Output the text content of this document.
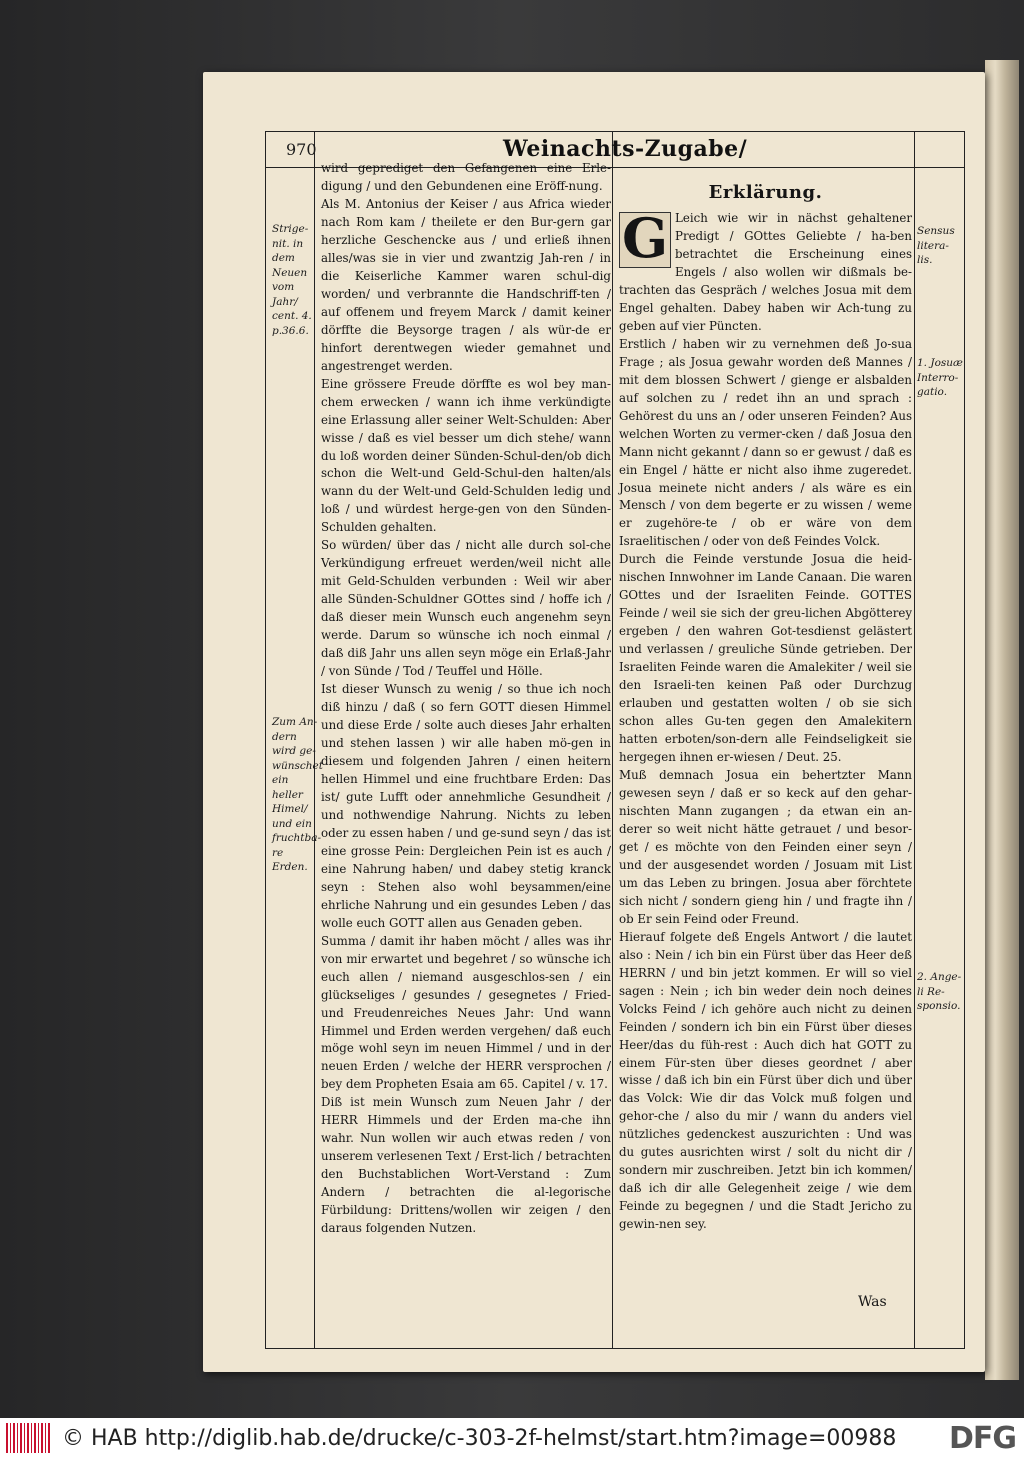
970	Weinachts-Zugabe/
Strige-nit. in dem Neuen vom Jahr/ cent. 4. p.36.6.
Zum An-dern wird ge-wünschet ein heller Himel/ und ein fruchtba-re Erden.
Sensus litera-lis.
1. Josuæ Interro-gatio.
2. Ange-li Re-sponsio.

wird geprediget den Gefangenen eine Erle-digung / und den Gebundenen eine Eröff-nung.

Als M. Antonius der Keiser / aus Africa wieder nach Rom kam / theilete er den Bur-gern gar herzliche Geschencke aus / und erließ ihnen alles/was sie in vier und zwantzig Jah-ren / in die Keiserliche Kammer waren schul-dig worden/ und verbrannte die Handschriff-ten / auf offenem und freyem Marck / damit keiner dörffte die Beysorge tragen / als wür-de er hinfort derentwegen wieder gemahnet und angestrenget werden.

Eine grössere Freude dörffte es wol bey man-chem erwecken / wann ich ihme verkündigte eine Erlassung aller seiner Welt-Schulden: Aber wisse / daß es viel besser um dich stehe/ wann du loß worden deiner Sünden-Schul-den/ob dich schon die Welt-und Geld-Schul-den halten/als wann du der Welt-und Geld-Schulden ledig und loß / und würdest herge-gen von den Sünden-Schulden gehalten.

So würden/ über das / nicht alle durch sol-che Verkündigung erfreuet werden/weil nicht alle mit Geld-Schulden verbunden : Weil wir aber alle Sünden-Schuldner GOttes sind / hoffe ich / daß dieser mein Wunsch euch angenehm seyn werde. Darum so wünsche ich noch einmal / daß diß Jahr uns allen seyn möge ein Erlaß-Jahr / von Sünde / Tod / Teuffel und Hölle.

Ist dieser Wunsch zu wenig / so thue ich noch diß hinzu / daß ( so fern GOTT diesen Himmel und diese Erde / solte auch dieses Jahr erhalten und stehen lassen ) wir alle haben mö-gen in diesem und folgenden Jahren / einen heitern hellen Himmel und eine fruchtbare Erden: Das ist/ gute Lufft oder annehmliche Gesundheit / und nothwendige Nahrung. Nichts zu leben oder zu essen haben / und ge-sund seyn / das ist eine grosse Pein: Dergleichen Pein ist es auch / eine Nahrung haben/ und dabey stetig kranck seyn : Stehen also wohl beysammen/eine ehrliche Nahrung und ein gesundes Leben / das wolle euch GOTT allen aus Genaden geben.

Summa / damit ihr haben möcht / alles was ihr von mir erwartet und begehret / so wünsche ich euch allen / niemand ausgeschlos-sen / ein glückseliges / gesundes / gesegnetes / Fried-und Freudenreiches Neues Jahr: Und wann Himmel und Erden werden vergehen/ daß euch möge wohl seyn im neuen Himmel / und in der neuen Erden / welche der HERR versprochen / bey dem Propheten Esaia am 65. Capitel / v. 17.

Diß ist mein Wunsch zum Neuen Jahr / der HERR Himmels und der Erden ma-che ihn wahr. Nun wollen wir auch etwas reden / von unserem verlesenen Text / Erst-lich / betrachten den Buchstablichen Wort-Verstand : Zum Andern / betrachten die al-legorische Fürbildung: Drittens/wollen wir zeigen / den daraus folgenden Nutzen.

Erklärung.
G Leich wie wir in nächst gehaltener Predigt / GOttes Geliebte / ha-ben betrachtet die Erscheinung eines Engels / also wollen wir dißmals be-trachten das Gespräch / welches Josua mit dem Engel gehalten. Dabey haben wir Ach-tung zu geben auf vier Püncten.

Erstlich / haben wir zu vernehmen deß Jo-sua Frage ; als Josua gewahr worden deß Mannes / mit dem blossen Schwert / gienge er alsbalden auf solchen zu / redet ihn an und sprach : Gehörest du uns an / oder unseren Feinden? Aus welchen Worten zu vermer-cken / daß Josua den Mann nicht gekannt / dann so er gewust / daß es ein Engel / hätte er nicht also ihme zugeredet. Josua meinete nicht anders / als wäre es ein Mensch / von dem begerte er zu wissen / weme er zugehöre-te / ob er wäre von dem Israelitischen / oder von deß Feindes Volck.

Durch die Feinde verstunde Josua die heid-nischen Innwohner im Lande Canaan. Die waren GOttes und der Israeliten Feinde. GOTTES Feinde / weil sie sich der greu-lichen Abgötterey ergeben / den wahren Got-tesdienst gelästert und verlassen / greuliche Sünde getrieben. Der Israeliten Feinde waren die Amalekiter / weil sie den Israeli-ten keinen Paß oder Durchzug erlauben und gestatten wolten / ob sie sich schon alles Gu-ten gegen den Amalekitern hatten erboten/son-dern alle Feindseligkeit sie hergegen ihnen er-wiesen / Deut. 25.

Muß demnach Josua ein behertzter Mann gewesen seyn / daß er so keck auf den gehar-nischten Mann zugangen ; da etwan ein an-derer so weit nicht hätte getrauet / und besor-get / es möchte von den Feinden einer seyn / und der ausgesendet worden / Josuam mit List um das Leben zu bringen. Josua aber förchtete sich nicht / sondern gieng hin / und fragte ihn / ob Er sein Feind oder Freund.

Hierauf folgete deß Engels Antwort / die lautet also : Nein / ich bin ein Fürst über das Heer deß HERRN / und bin jetzt kommen. Er will so viel sagen : Nein ; ich bin weder dein noch deines Volcks Feind / ich gehöre auch nicht zu deinen Feinden / sondern ich bin ein Fürst über dieses Heer/das du füh-rest : Auch dich hat GOTT zu einem Für-sten über dieses geordnet / aber wisse / daß ich bin ein Fürst über dich und über das Volck: Wie dir das Volck muß folgen und gehor-che / also du mir / wann du anders viel nützliches gedenckest auszurichten : Und was du gutes ausrichten wirst / solt du nicht dir / sondern mir zuschreiben. Jetzt bin ich kommen/ daß ich dir alle Gelegenheit zeige / wie dem Feinde zu begegnen / und die Stadt Jericho zu gewin-nen sey.

Was
© HAB http://diglib.hab.de/drucke/c-303-2f-helmst/start.htm?image=00988 DFG
